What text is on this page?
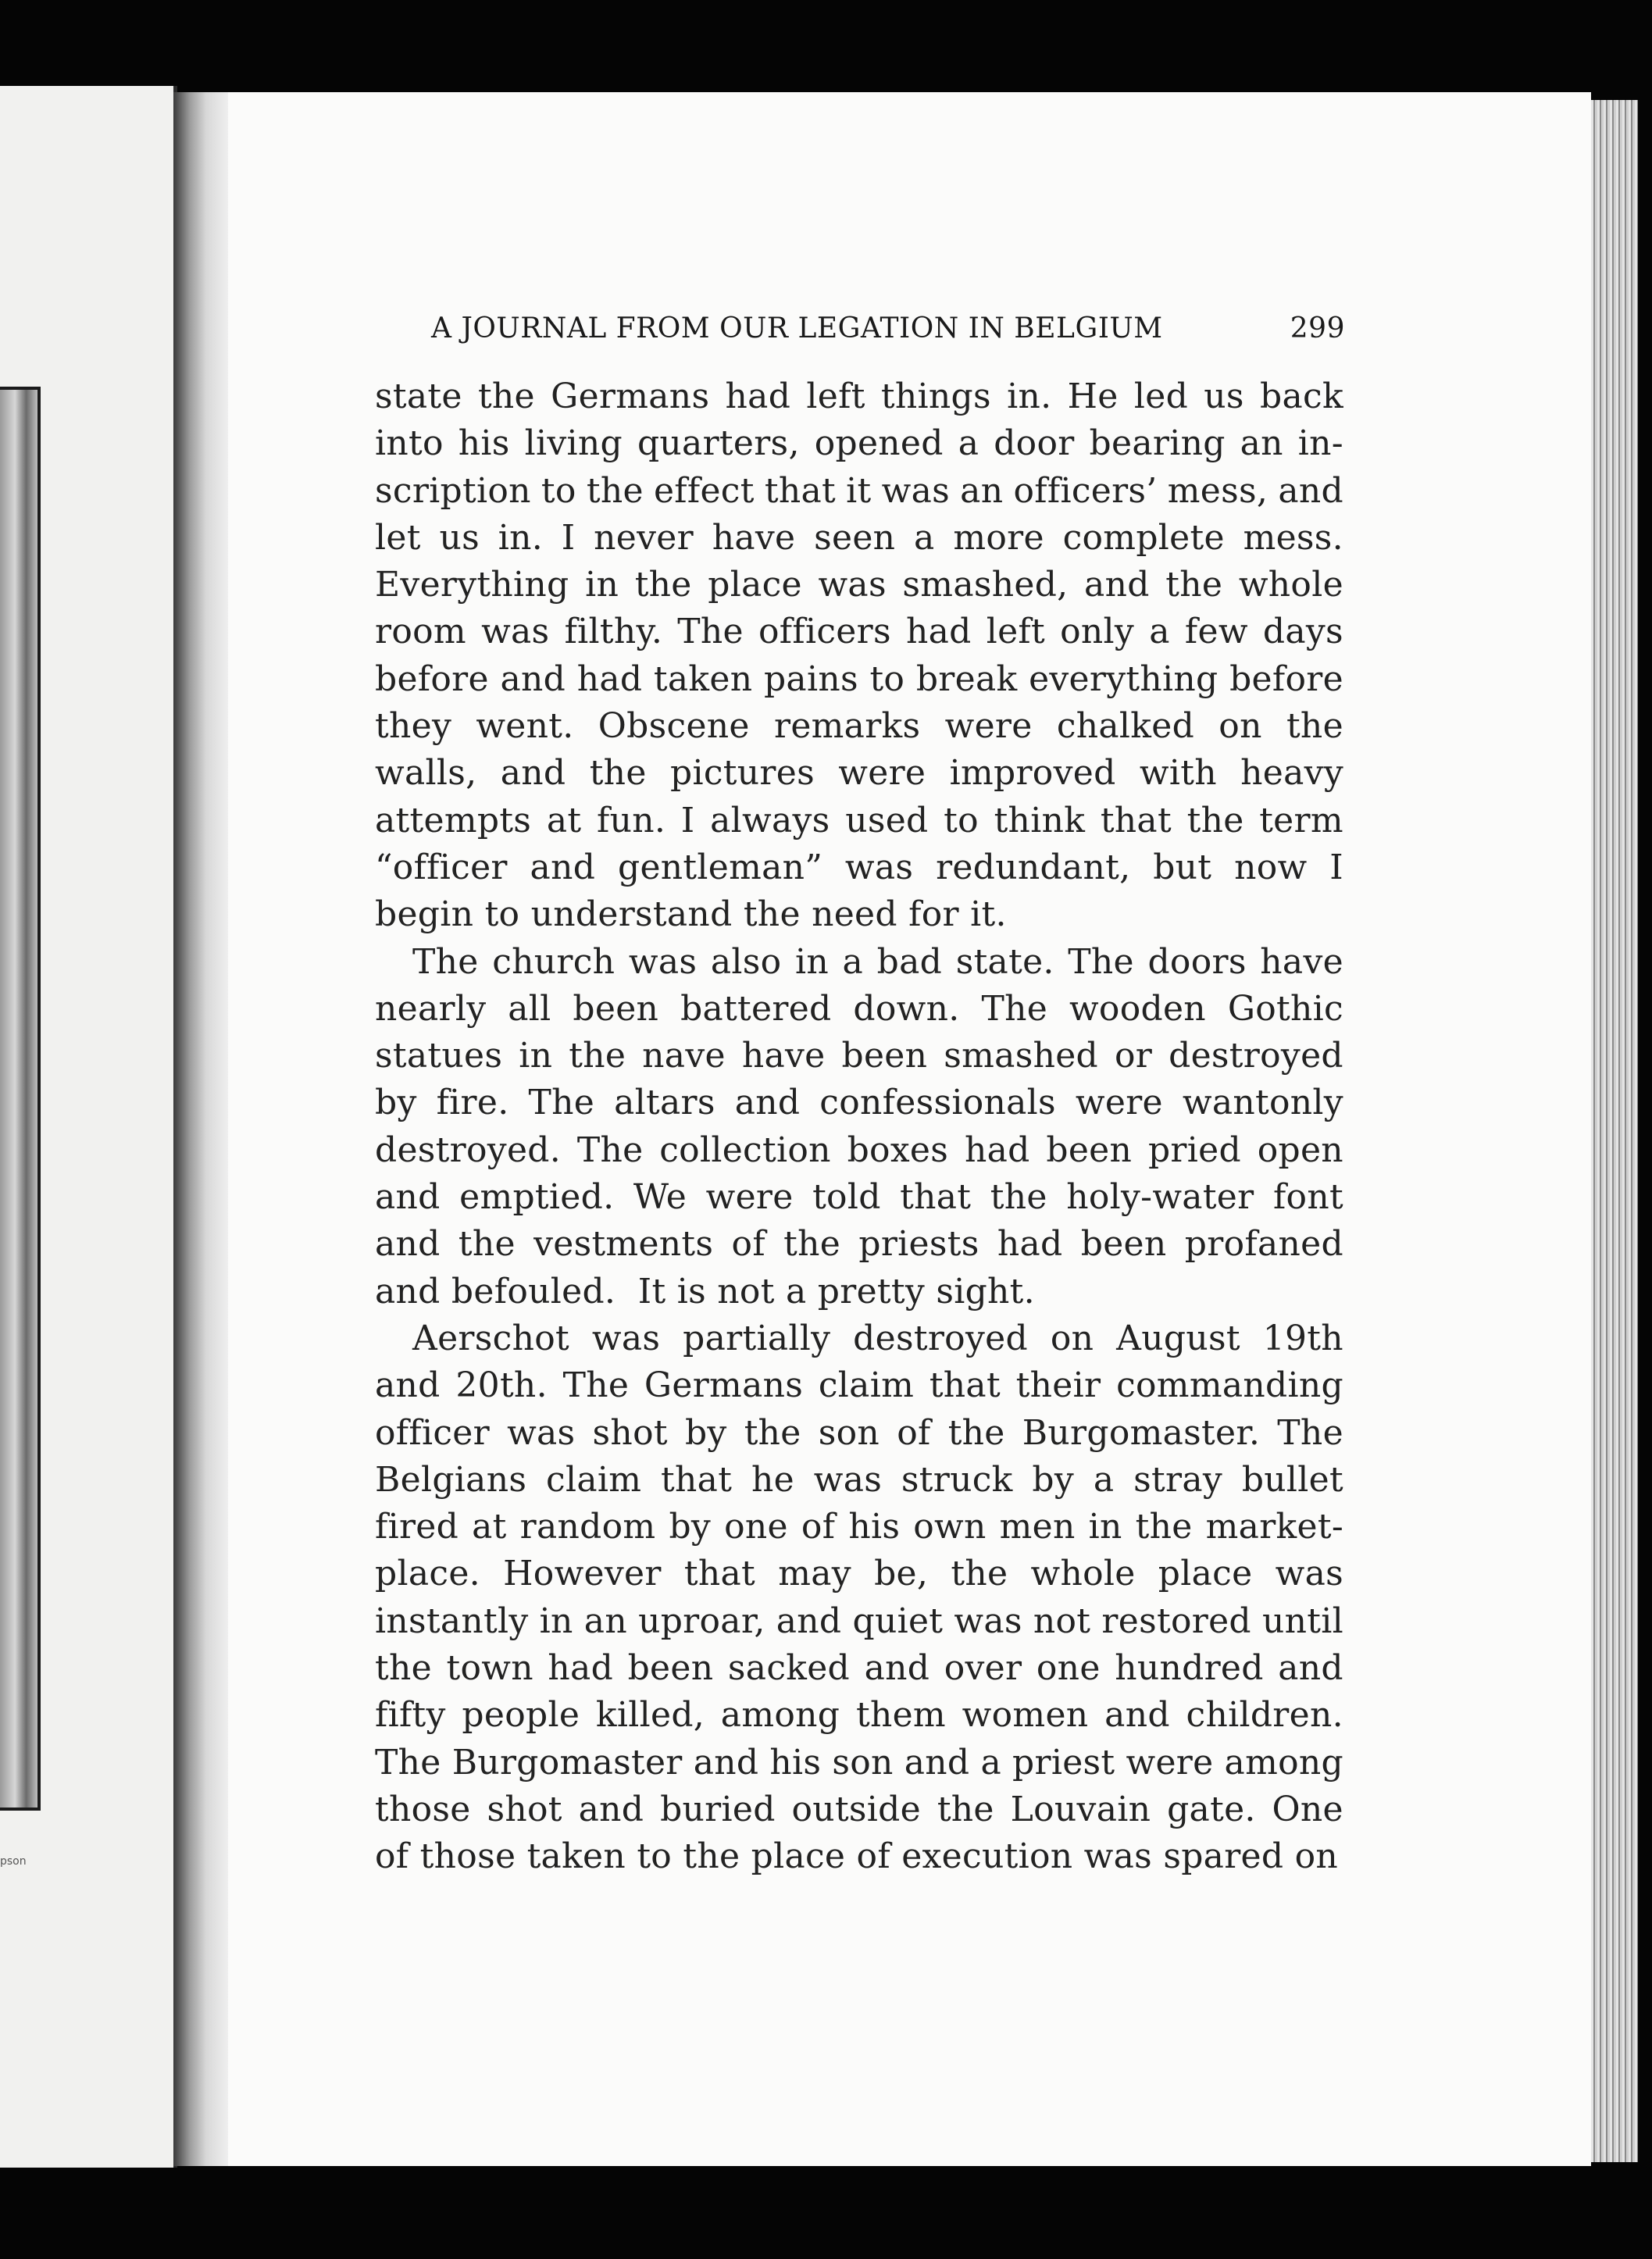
pson
A JOURNAL FROM OUR LEGATION IN BELGIUM	299
state the Germans had left things in. He led us back
into his living quarters, opened a door bearing an in-
scription to the effect that it was an officers’ mess, and
let us in. I never have seen a more complete mess.
Everything in the place was smashed, and the whole
room was filthy. The officers had left only a few days
before and had taken pains to break everything before
they went. Obscene remarks were chalked on the
walls, and the pictures were improved with heavy
attempts at fun. I always used to think that the term
“officer and gentleman” was redundant, but now I
begin to understand the need for it.
The church was also in a bad state. The doors have
nearly all been battered down. The wooden Gothic
statues in the nave have been smashed or destroyed
by fire. The altars and confessionals were wantonly
destroyed. The collection boxes had been pried open
and emptied. We were told that the holy-water font
and the vestments of the priests had been profaned
and befouled.  It is not a pretty sight.
Aerschot was partially destroyed on August 19th
and 20th. The Germans claim that their commanding
officer was shot by the son of the Burgomaster. The
Belgians claim that he was struck by a stray bullet
fired at random by one of his own men in the market-
place. However that may be, the whole place was
instantly in an uproar, and quiet was not restored until
the town had been sacked and over one hundred and
fifty people killed, among them women and children.
The Burgomaster and his son and a priest were among
those shot and buried outside the Louvain gate. One
of those taken to the place of execution was spared on
